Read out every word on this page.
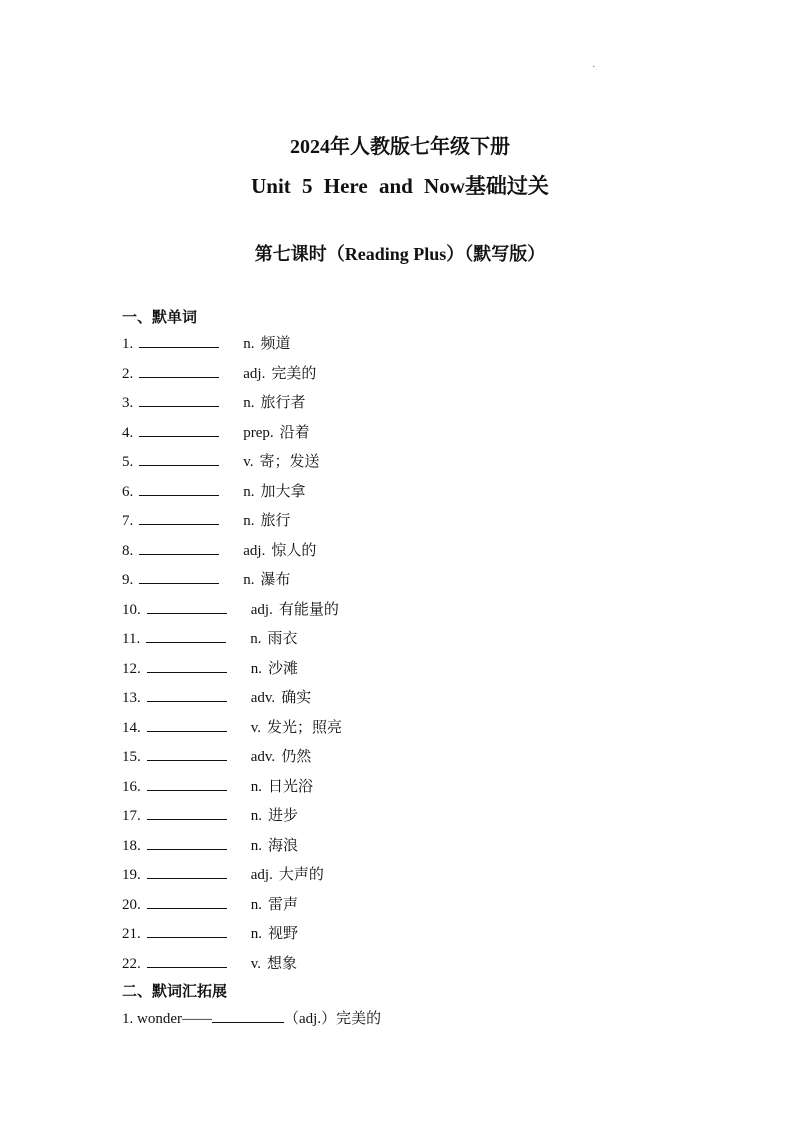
·
2024年人教版七年级下册
Unit 5 Here and Now基础过关
第七课时（Reading Plus）（默写版）
一、默单词
1.	n. 频道
2.	adj. 完美的
3.	n. 旅行者
4.	prep. 沿着
5.	v. 寄；发送
6.	n. 加大拿
7.	n. 旅行
8.	adj. 惊人的
9.	n. 瀑布
10.	adj. 有能量的
11.	n. 雨衣
12.	n. 沙滩
13.	adv. 确实
14.	v. 发光；照亮
15.	adv. 仍然
16.	n. 日光浴
17.	n. 进步
18.	n. 海浪
19.	adj. 大声的
20.	n. 雷声
21.	n. 视野
22.	v. 想象
二、默词汇拓展
1. wonder——	（adj.）完美的
